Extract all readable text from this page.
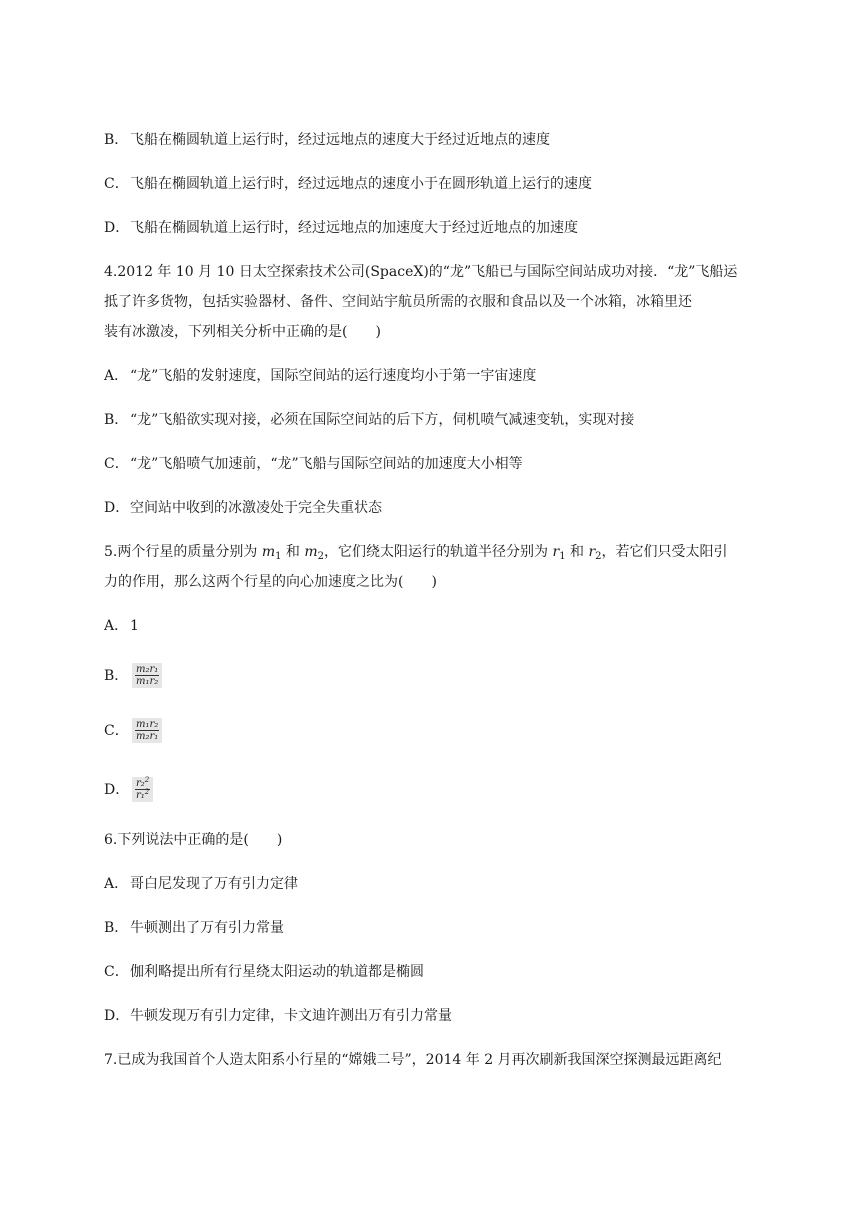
B． 飞船在椭圆轨道上运行时，经过远地点的速度大于经过近地点的速度
C．飞船在椭圆轨道上运行时，经过远地点的速度小于在圆形轨道上运行的速度
D．飞船在椭圆轨道上运行时，经过远地点的加速度大于经过近地点的加速度
4.2012 年 10 月 10 日太空探索技术公司(SpaceX)的“龙”飞船已与国际空间站成功对接．“龙”飞船运
抵了许多货物，包括实验器材、备件、空间站宇航员所需的衣服和食品以及一个冰箱，冰箱里还
装有冰激凌，下列相关分析中正确的是(　　)
A． “龙”飞船的发射速度，国际空间站的运行速度均小于第一宇宙速度
B． “龙”飞船欲实现对接，必须在国际空间站的后下方，伺机喷气减速变轨，实现对接
C．“龙”飞船喷气加速前，“龙”飞船与国际空间站的加速度大小相等
D．空间站中收到的冰激凌处于完全失重状态
5.两个行星的质量分别为 $m_1$ 和 $m_2$，它们绕太阳运行的轨道半径分别为 $r_1$ 和 $r_2$，若它们只受太阳引
力的作用，那么这两个行星的向心加速度之比为(　　)
A． 1
B． $\frac{\text{m₂r₁}}{\text{m₁r₂}}$
C． $\frac{\text{m₁r₂}}{\text{m₂r₁}}$
D． $\frac{r_2^2}{r_1^2}$
6.下列说法中正确的是(　　)
A． 哥白尼发现了万有引力定律
B． 牛顿测出了万有引力常量
C．伽利略提出所有行星绕太阳运动的轨道都是椭圆
D．牛顿发现万有引力定律，卡文迪许测出万有引力常量
7.已成为我国首个人造太阳系小行星的“嫦娥二号”，2014 年 2 月再次刷新我国深空探测最远距离纪
